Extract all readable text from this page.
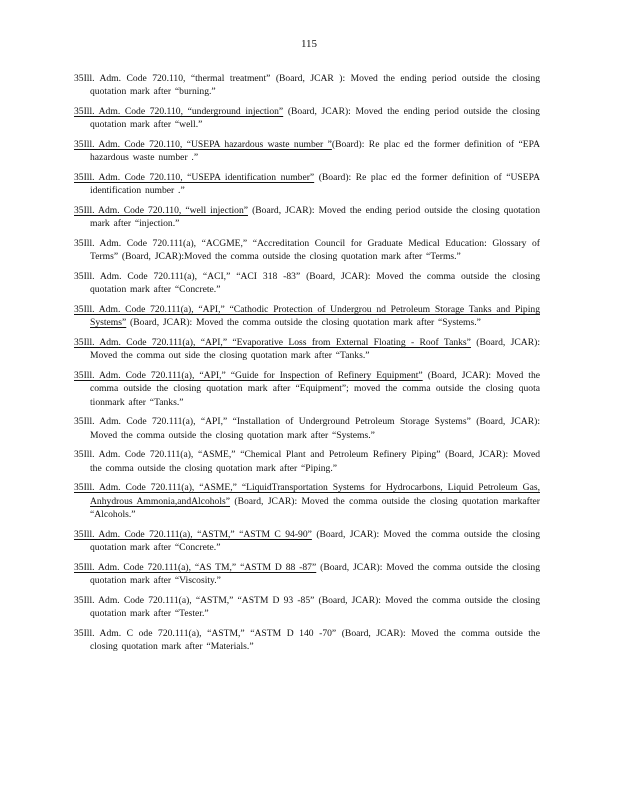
115

35Ill. Adm. Code 720.110, “thermal treatment” (Board, JCAR ): Moved the ending period outside the closing quotation mark after “burning.”

35Ill. Adm. Code 720.110, “underground injection” (Board, JCAR): Moved the ending period outside the closing quotation mark after “well.”

35Ill. Adm. Code 720.110, “USEPA hazardous waste number ”(Board): Re plac ed the former definition of “EPA hazardous waste number .”

35Ill. Adm. Code 720.110, “USEPA identification number” (Board): Re plac ed the former definition of “USEPA identification number .”

35Ill. Adm. Code 720.110, “well injection” (Board, JCAR): Moved the ending period outside the closing quotation mark after “injection.”

35Ill. Adm. Code 720.111(a), “ACGME,” “Accreditation Council for Graduate Medical Education: Glossary of Terms” (Board, JCAR):Moved the comma outside the closing quotation mark after “Terms.”

35Ill. Adm. Code 720.111(a), “ACI,” “ACI 318 -83” (Board, JCAR): Moved the comma outside the closing quotation mark after “Concrete.”

35Ill. Adm. Code 720.111(a), “API,” “Cathodic Protection of Undergrou nd Petroleum Storage Tanks and Piping Systems” (Board, JCAR): Moved the comma outside the closing quotation mark after “Systems.”

35Ill. Adm. Code 720.111(a), “API,” “Evaporative Loss from External Floating - Roof Tanks” (Board, JCAR): Moved the comma out side the closing quotation mark after “Tanks.”

35Ill. Adm. Code 720.111(a), “API,” “Guide for Inspection of Refinery Equipment” (Board, JCAR): Moved the comma outside the closing quotation mark after “Equipment”; moved the comma outside the closing quota tionmark after “Tanks.”

35Ill. Adm. Code 720.111(a), “API,” “Installation of Underground Petroleum Storage Systems” (Board, JCAR): Moved the comma outside the closing quotation mark after “Systems.”

35Ill. Adm. Code 720.111(a), “ASME,” “Chemical Plant and Petroleum Refinery Piping” (Board, JCAR): Moved the comma outside the closing quotation mark after “Piping.”

35Ill. Adm. Code 720.111(a), “ASME,” “LiquidTransportation Systems for Hydrocarbons, Liquid Petroleum Gas, Anhydrous Ammonia,andAlcohols” (Board, JCAR): Moved the comma outside the closing quotation markafter “Alcohols.”

35Ill. Adm. Code 720.111(a), “ASTM,” “ASTM C 94-90” (Board, JCAR): Moved the comma outside the closing quotation mark after “Concrete.”

35Ill. Adm. Code 720.111(a), “AS TM,” “ASTM D 88 -87” (Board, JCAR): Moved the comma outside the closing quotation mark after “Viscosity.”

35Ill. Adm. Code 720.111(a), “ASTM,” “ASTM D 93 -85” (Board, JCAR): Moved the comma outside the closing quotation mark after “Tester.”

35Ill. Adm. C ode 720.111(a), “ASTM,” “ASTM D 140 -70” (Board, JCAR): Moved the comma outside the closing quotation mark after “Materials.”
